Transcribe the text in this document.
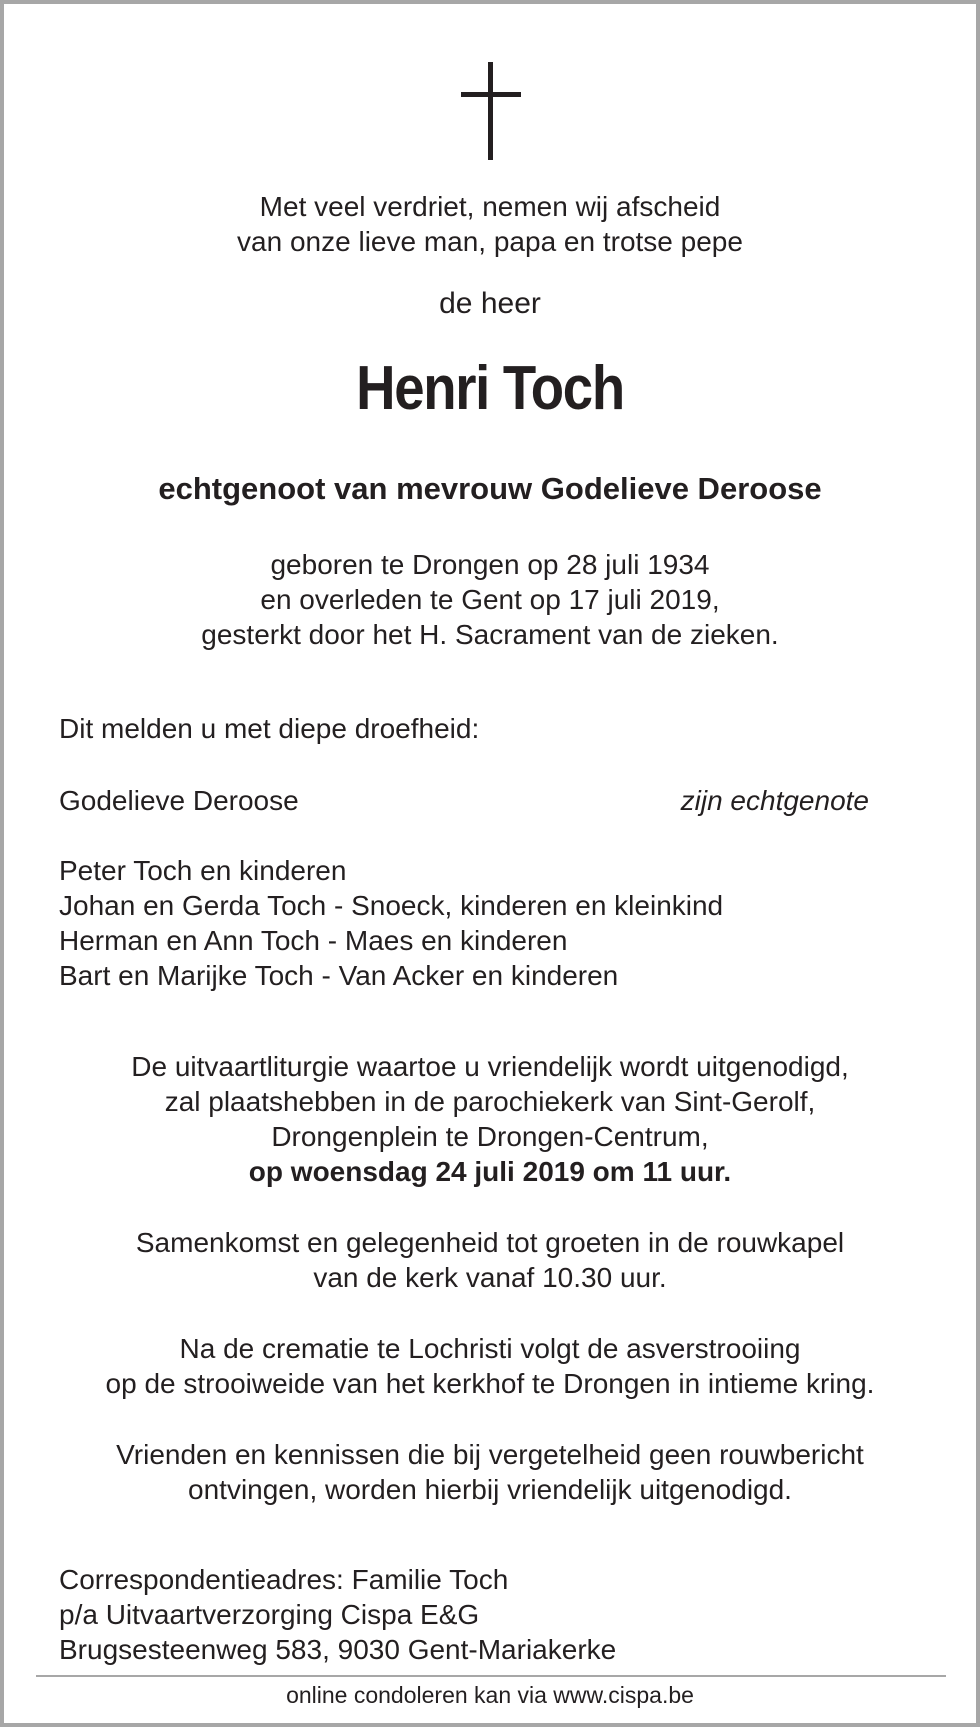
Met veel verdriet, nemen wij afscheid
van onze lieve man, papa en trotse pepe
de heer
Henri Toch
echtgenoot van mevrouw Godelieve Deroose
geboren te Drongen op 28 juli 1934
en overleden te Gent op 17 juli 2019,
gesterkt door het H. Sacrament van de zieken.
Dit melden u met diepe droefheid:
Godelieve Deroose	zijn echtgenote
Peter Toch en kinderen
Johan en Gerda Toch - Snoeck, kinderen en kleinkind
Herman en Ann Toch - Maes en kinderen
Bart en Marijke Toch - Van Acker en kinderen
De uitvaartliturgie waartoe u vriendelijk wordt uitgenodigd,
zal plaatshebben in de parochiekerk van Sint-Gerolf,
Drongenplein te Drongen-Centrum,
op woensdag 24 juli 2019 om 11 uur.
Samenkomst en gelegenheid tot groeten in de rouwkapel
van de kerk vanaf 10.30 uur.
Na de crematie te Lochristi volgt de asverstrooiing
op de strooiweide van het kerkhof te Drongen in intieme kring.
Vrienden en kennissen die bij vergetelheid geen rouwbericht
ontvingen, worden hierbij vriendelijk uitgenodigd.
Correspondentieadres: Familie Toch
p/a Uitvaartverzorging Cispa E&G
Brugsesteenweg 583, 9030 Gent-Mariakerke
online condoleren kan via www.cispa.be
